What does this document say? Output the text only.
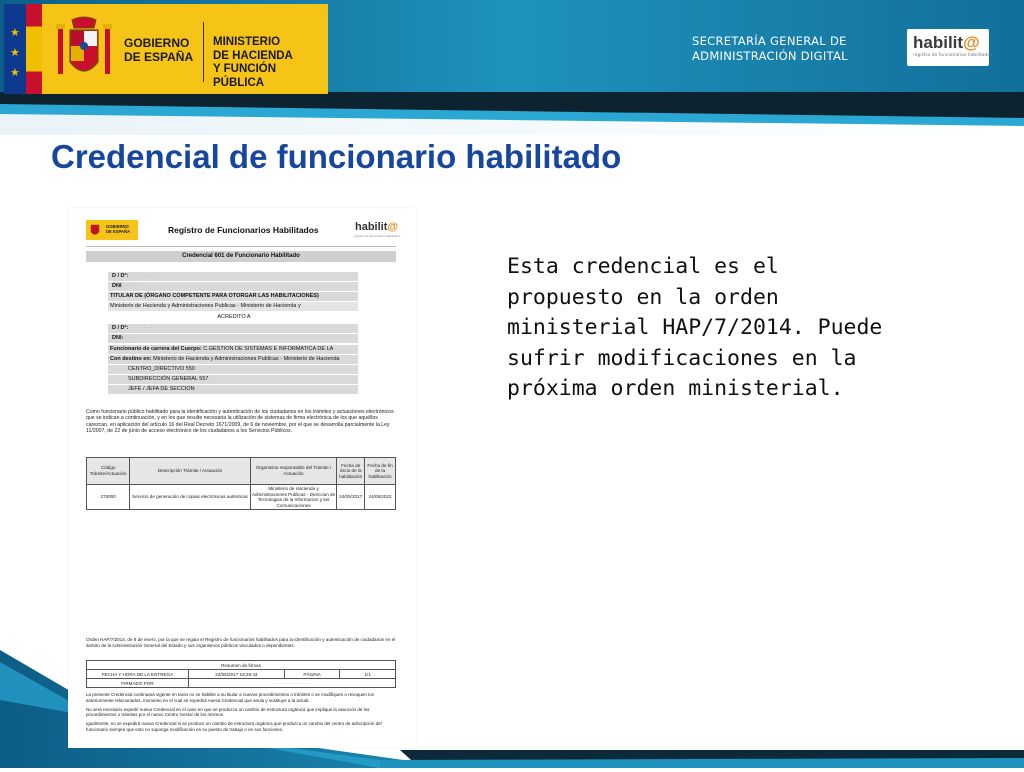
★
★
★
GOBIERNO
DE ESPAÑA
MINISTERIO
DE HACIENDA
Y FUNCIÓN PÚBLICA
SECRETARÍA GENERAL DE
ADMINISTRACIÓN DIGITAL
habilit@
registro de funcionarios habilitados
Credencial de funcionario habilitado
Esta credencial es el propuesto en la orden ministerial HAP/7/2014. Puede sufrir modificaciones en la próxima orden ministerial.
GOBIERNO
DE ESPAÑA	Registro de Funcionarios Habilitados	habilit@
registro de funcionarios habilitados
Credencial 601 de Funcionario Habilitado
D / Dª: · · · · · · · ·
DNI · · · · ·
TITULAR DE (ÓRGANO COMPETENTE PARA OTORGAR LAS HABILITACIONES)
Ministerio de Hacienda y Administraciones Publicas - Ministerio de Hacienda y
ACREDITO A
D / Dª: · · · · · · · ·
DNI: · · · · ·
Funcionario de carrera del Cuerpo: C.GESTION DE SISTEMAS E INFORMATICA DE LA
Con destino en: Ministerio de Hacienda y Administraciones Publicas - Ministerio de Hacienda
CENTRO_DIRECTIVO 550
SUBDIRECCIÓN GENERAL 557
JEFE / JEFA DE SECCION
Como funcionario público habilitado para la identificación y autenticación de los ciudadanos en los trámites y actuaciones electrónicos que se indican a continuación, y en los que resulte necesaria la utilización de sistemas de firma electrónica de los que aquéllos carezcan, en aplicación del artículo 16 del Real Decreto 1671/2009, de 6 de noviembre, por el que se desarrolla parcialmente la Ley 11/2007, de 22 de junio de acceso electrónico de los ciudadanos a los Servicios Públicos.
Código Trámite/Actuación	Descripción Trámite / Actuación	Organismo responsable del Trámite / Actuación	Fecha de inicio de la habilitación	Fecha de fin de la habilitación
270000	Servicio de generación de copias electrónicas auténticas	Ministerio de Hacienda y Administraciones Publicas - Direccion de Tecnologias de la Informacion y las Comunicaciones	24/05/2017	24/05/2022
Orden HAP/7/2014, de 8 de enero, por la que se regula el Registro de funcionarios habilitados para la identificación y autenticación de ciudadanos en el ámbito de la Administración General del Estado y sus organismos públicos vinculados o dependientes.
Resumen de firmas			
FECHA Y HORA DE LA ENTREGA	24/05/2017 18:29:43	PÁGINA	1/1
FIRMADO POR	· · · · · · · · · · · · · ·		

La presente Credencial continuará vigente en tanto no se habilite a su titular a nuevos procedimientos o trámites o se modifiquen o revoquen los anteriormente relacionados, momento en el cual se expedirá nueva Credencial que anula y sustituye a la actual.

No será necesario expedir nueva Credencial en el caso en que se produzca un cambio de estructura orgánica que implique la asunción de los procedimientos o trámites por el nuevo Centro Gestor de los mismos.

Igualmente, no se expedirá nueva Credencial si se produce un cambio de estructura orgánica que produzca un cambio del centro de adscripción del funcionario siempre que esto no suponga modificación en su puesto de trabajo o en sus funciones.
